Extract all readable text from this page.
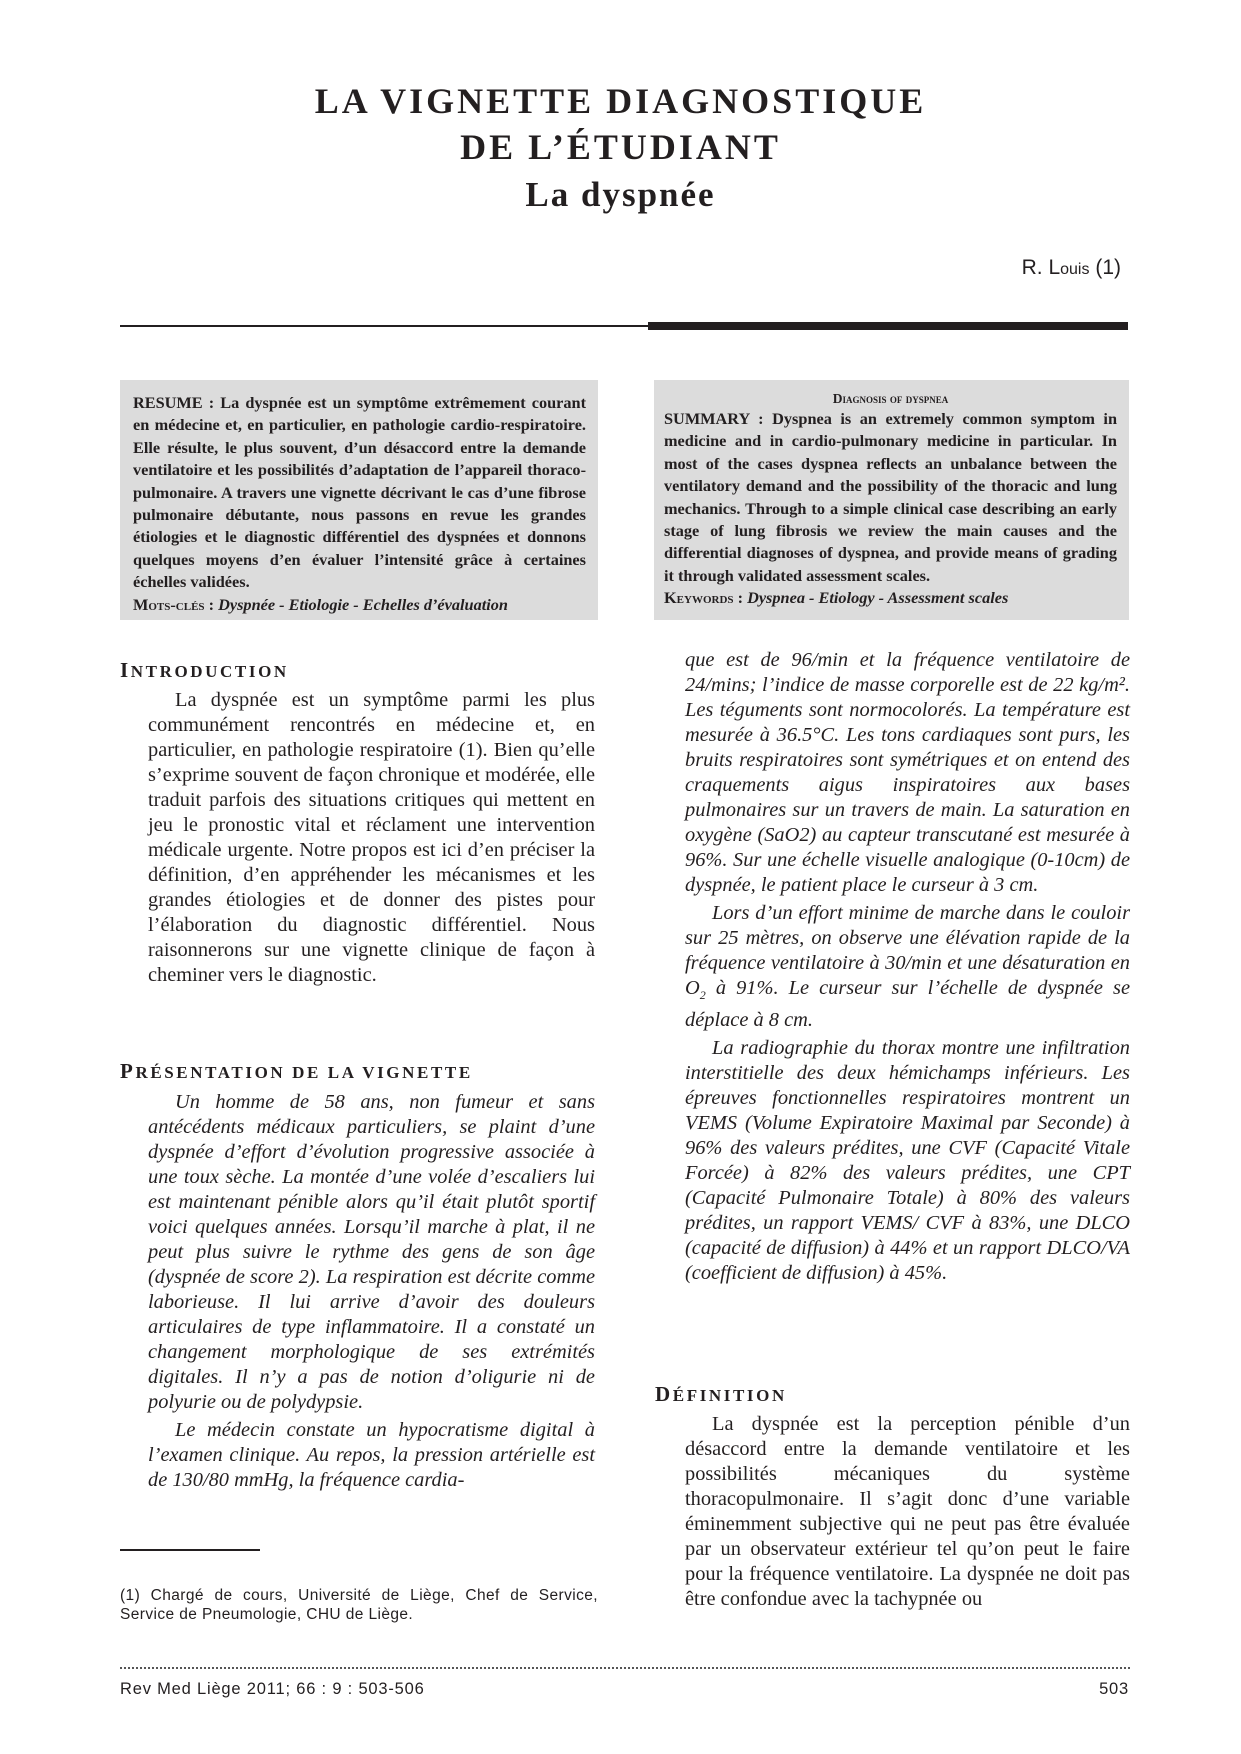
LA VIGNETTE DIAGNOSTIQUE
DE L’ÉTUDIANT
La dyspnée
R. Louis (1)
RESUME : La dyspnée est un symptôme extrêmement courant en médecine et, en particulier, en pathologie cardio-respiratoire. Elle résulte, le plus souvent, d’un désaccord entre la demande ventilatoire et les possibilités d’adaptation de l’appareil thoraco-pulmonaire. A travers une vignette décrivant le cas d’une fibrose pulmonaire débutante, nous passons en revue les grandes étiologies et le diagnostic différentiel des dyspnées et donnons quelques moyens d’en évaluer l’intensité grâce à certaines échelles validées.
Mots-clés : Dyspnée - Etiologie - Echelles d’évaluation
Diagnosis of dyspnea
SUMMARY : Dyspnea is an extremely common symptom in medicine and in cardio-pulmonary medicine in particular. In most of the cases dyspnea reflects an unbalance between the ventilatory demand and the possibility of the thoracic and lung mechanics. Through to a simple clinical case describing an early stage of lung fibrosis we review the main causes and the differential diagnoses of dyspnea, and provide means of grading it through validated assessment scales.
Keywords : Dyspnea - Etiology - Assessment scales
INTRODUCTION

La dyspnée est un symptôme parmi les plus communément rencontrés en médecine et, en particulier, en pathologie respiratoire (1). Bien qu’elle s’exprime souvent de façon chronique et modérée, elle traduit parfois des situations critiques qui mettent en jeu le pronostic vital et réclament une intervention médicale urgente. Notre propos est ici d’en préciser la définition, d’en appréhender les mécanismes et les grandes étiologies et de donner des pistes pour l’élaboration du diagnostic différentiel. Nous raisonnerons sur une vignette clinique de façon à cheminer vers le diagnostic.

PRÉSENTATION DE LA VIGNETTE

Un homme de 58 ans, non fumeur et sans antécédents médicaux particuliers, se plaint d’une dyspnée d’effort d’évolution progressive associée à une toux sèche. La montée d’une volée d’escaliers lui est maintenant pénible alors qu’il était plutôt sportif voici quelques années. Lorsqu’il marche à plat, il ne peut plus suivre le rythme des gens de son âge (dyspnée de score 2). La respiration est décrite comme laborieuse. Il lui arrive d’avoir des douleurs articulaires de type inflammatoire. Il a constaté un changement morphologique de ses extrémités digitales. Il n’y a pas de notion d’oligurie ni de polyurie ou de polydypsie.

Le médecin constate un hypocratisme digital à l’examen clinique. Au repos, la pression artérielle est de 130/80 mmHg, la fréquence cardia-

que est de 96/min et la fréquence ventilatoire de 24/mins; l’indice de masse corporelle est de 22 kg/m². Les téguments sont normocolorés. La température est mesurée à 36.5°C. Les tons cardiaques sont purs, les bruits respiratoires sont symétriques et on entend des craquements aigus inspiratoires aux bases pulmonaires sur un travers de main. La saturation en oxygène (SaO2) au capteur transcutané est mesurée à 96%. Sur une échelle visuelle analogique (0-10cm) de dyspnée, le patient place le curseur à 3 cm.

Lors d’un effort minime de marche dans le couloir sur 25 mètres, on observe une élévation rapide de la fréquence ventilatoire à 30/min et une désaturation en $O_2$ à 91%. Le curseur sur l’échelle de dyspnée se déplace à 8 cm.

La radiographie du thorax montre une infiltration interstitielle des deux hémichamps inférieurs. Les épreuves fonctionnelles respiratoires montrent un VEMS (Volume Expiratoire Maximal par Seconde) à 96% des valeurs prédites, une CVF (Capacité Vitale Forcée) à 82% des valeurs prédites, une CPT (Capacité Pulmonaire Totale) à 80% des valeurs prédites, un rapport VEMS/ CVF à 83%, une DLCO (capacité de diffusion) à 44% et un rapport DLCO/VA (coefficient de diffusion) à 45%.

DÉFINITION

La dyspnée est la perception pénible d’un désaccord entre la demande ventilatoire et les possibilités mécaniques du système thoracopulmonaire. Il s’agit donc d’une variable éminemment subjective qui ne peut pas être évaluée par un observateur extérieur tel qu’on peut le faire pour la fréquence ventilatoire. La dyspnée ne doit pas être confondue avec la tachypnée ou

(1) Chargé de cours, Université de Liège, Chef de Service, Service de Pneumologie, CHU de Liège.
Rev Med Liège 2011; 66 : 9 : 503-506	503
